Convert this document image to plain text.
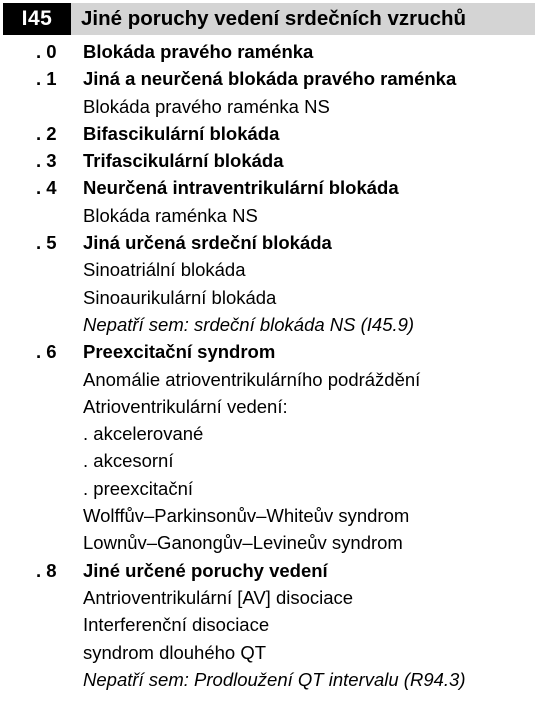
I45	Jiné poruchy vedení srdečních vzruchů
. 0 Blokáda pravého raménka
. 1 Jiná a neurčená blokáda pravého raménka
Blokáda pravého raménka NS
. 2 Bifascikulární blokáda
. 3 Trifascikulární blokáda
. 4 Neurčená intraventrikulární blokáda
Blokáda raménka NS
. 5 Jiná určená srdeční blokáda
Sinoatriální blokáda
Sinoaurikulární blokáda
Nepatří sem: srdeční blokáda NS (I45.9)
. 6 Preexcitační syndrom
Anomálie atrioventrikulárního podráždění
Atrioventrikulární vedení:
. akcelerované
. akcesorní
. preexcitační
Wolffův–Parkinsonův–Whiteův syndrom
Lownův–Ganongův–Levineův syndrom
. 8 Jiné určené poruchy vedení
Antrioventrikulární [AV] disociace
Interferenční disociace
syndrom dlouhého QT
Nepatří sem: Prodloužení QT intervalu (R94.3)
